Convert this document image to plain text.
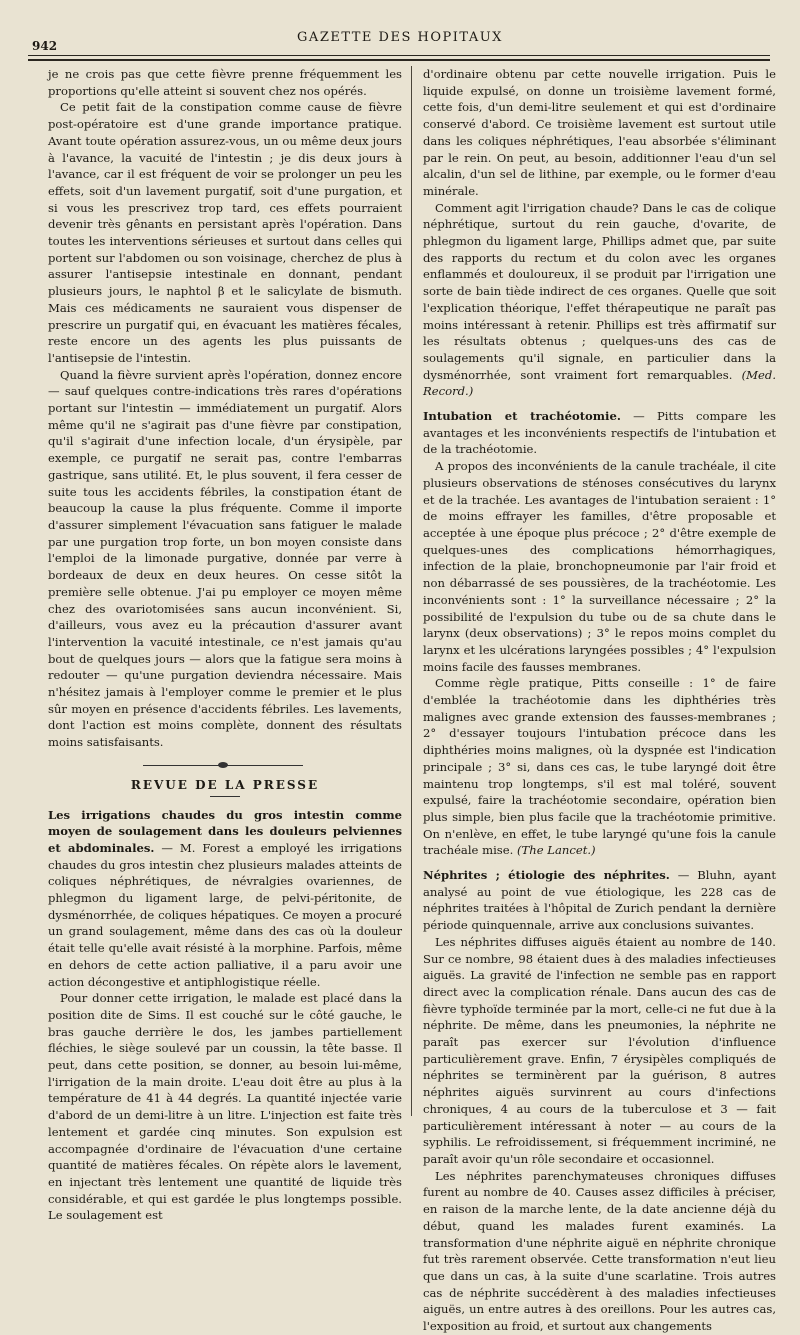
942
GAZETTE DES HOPITAUX

je ne crois pas que cette fièvre prenne fréquemment les proportions qu'elle atteint si souvent chez nos opérés.

Ce petit fait de la constipation comme cause de fièvre post-opératoire est d'une grande importance pratique. Avant toute opération assurez-vous, un ou même deux jours à l'avance, la vacuité de l'intestin ; je dis deux jours à l'avance, car il est fréquent de voir se prolonger un peu les effets, soit d'un lavement purgatif, soit d'une purgation, et si vous les prescrivez trop tard, ces effets pourraient devenir très gênants en persistant après l'opération. Dans toutes les interventions sérieuses et surtout dans celles qui portent sur l'abdomen ou son voisinage, cherchez de plus à assurer l'antisepsie intestinale en donnant, pendant plusieurs jours, le naphtol β et le salicylate de bismuth. Mais ces médicaments ne sauraient vous dispenser de prescrire un purgatif qui, en évacuant les matières fécales, reste encore un des agents les plus puissants de l'antisepsie de l'intestin.

Quand la fièvre survient après l'opération, donnez encore — sauf quelques contre-indications très rares d'opérations portant sur l'intestin — immédiatement un purgatif. Alors même qu'il ne s'agirait pas d'une fièvre par constipation, qu'il s'agirait d'une infection locale, d'un érysipèle, par exemple, ce purgatif ne serait pas, contre l'embarras gastrique, sans utilité. Et, le plus souvent, il fera cesser de suite tous les accidents fébriles, la constipation étant de beaucoup la cause la plus fréquente. Comme il importe d'assurer simplement l'évacuation sans fatiguer le malade par une purgation trop forte, un bon moyen consiste dans l'emploi de la limonade purgative, donnée par verre à bordeaux de deux en deux heures. On cesse sitôt la première selle obtenue. J'ai pu employer ce moyen même chez des ovariotomisées sans aucun inconvénient. Si, d'ailleurs, vous avez eu la précaution d'assurer avant l'intervention la vacuité intestinale, ce n'est jamais qu'au bout de quelques jours — alors que la fatigue sera moins à redouter — qu'une purgation deviendra nécessaire. Mais n'hésitez jamais à l'employer comme le premier et le plus sûr moyen en présence d'accidents fébriles. Les lavements, dont l'action est moins complète, donnent des résultats moins satisfaisants.

REVUE DE LA PRESSE

Les irrigations chaudes du gros intestin comme moyen de soulagement dans les douleurs pelviennes et abdominales. — M. Forest a employé les irrigations chaudes du gros intestin chez plusieurs malades atteints de coliques néphrétiques, de névralgies ovariennes, de phlegmon du ligament large, de pelvi-péritonite, de dysménorrhée, de coliques hépatiques. Ce moyen a procuré un grand soulagement, même dans des cas où la douleur était telle qu'elle avait résisté à la morphine. Parfois, même en dehors de cette action palliative, il a paru avoir une action décongestive et antiphlogistique réelle.

Pour donner cette irrigation, le malade est placé dans la position dite de Sims. Il est couché sur le côté gauche, le bras gauche derrière le dos, les jambes partiellement fléchies, le siège soulevé par un coussin, la tête basse. Il peut, dans cette position, se donner, au besoin lui-même, l'irrigation de la main droite. L'eau doit être au plus à la température de 41 à 44 degrés. La quantité injectée varie d'abord de un demi-litre à un litre. L'injection est faite très lentement et gardée cinq minutes. Son expulsion est accompagnée d'ordinaire de l'évacuation d'une certaine quantité de matières fécales. On répète alors le lavement, en injectant très lentement une quantité de liquide très considérable, et qui est gardée le plus longtemps possible. Le soulagement est

d'ordinaire obtenu par cette nouvelle irrigation. Puis le liquide expulsé, on donne un troisième lavement formé, cette fois, d'un demi-litre seulement et qui est d'ordinaire conservé d'abord. Ce troisième lavement est surtout utile dans les coliques néphrétiques, l'eau absorbée s'éliminant par le rein. On peut, au besoin, additionner l'eau d'un sel alcalin, d'un sel de lithine, par exemple, ou le former d'eau minérale.

Comment agit l'irrigation chaude? Dans le cas de colique néphrétique, surtout du rein gauche, d'ovarite, de phlegmon du ligament large, Phillips admet que, par suite des rapports du rectum et du colon avec les organes enflammés et douloureux, il se produit par l'irrigation une sorte de bain tiède indirect de ces organes. Quelle que soit l'explication théorique, l'effet thérapeutique ne paraît pas moins intéressant à retenir. Phillips est très affirmatif sur les résultats obtenus ; quelques-uns des cas de soulagements qu'il signale, en particulier dans la dysménorrhée, sont vraiment fort remarquables. (Med. Record.)

Intubation et trachéotomie. — Pitts compare les avantages et les inconvénients respectifs de l'intubation et de la trachéotomie.

A propos des inconvénients de la canule trachéale, il cite plusieurs observations de sténoses consécutives du larynx et de la trachée. Les avantages de l'intubation seraient : 1° de moins effrayer les familles, d'être proposable et acceptée à une époque plus précoce ; 2° d'être exemple de quelques-unes des complications hémorrhagiques, infection de la plaie, bronchopneumonie par l'air froid et non débarrassé de ses poussières, de la trachéotomie. Les inconvénients sont : 1° la surveillance nécessaire ; 2° la possibilité de l'expulsion du tube ou de sa chute dans le larynx (deux observations) ; 3° le repos moins complet du larynx et les ulcérations laryngées possibles ; 4° l'expulsion moins facile des fausses membranes.

Comme règle pratique, Pitts conseille : 1° de faire d'emblée la trachéotomie dans les diphthéries très malignes avec grande extension des fausses-membranes ; 2° d'essayer toujours l'intubation précoce dans les diphthéries moins malignes, où la dyspnée est l'indication principale ; 3° si, dans ces cas, le tube laryngé doit être maintenu trop longtemps, s'il est mal toléré, souvent expulsé, faire la trachéotomie secondaire, opération bien plus simple, bien plus facile que la trachéotomie primitive. On n'enlève, en effet, le tube laryngé qu'une fois la canule trachéale mise. (The Lancet.)

Néphrites ; étiologie des néphrites. — Bluhn, ayant analysé au point de vue étiologique, les 228 cas de néphrites traitées à l'hôpital de Zurich pendant la dernière période quinquennale, arrive aux conclusions suivantes.

Les néphrites diffuses aiguës étaient au nombre de 140. Sur ce nombre, 98 étaient dues à des maladies infectieuses aiguës. La gravité de l'infection ne semble pas en rapport direct avec la complication rénale. Dans aucun des cas de fièvre typhoïde terminée par la mort, celle-ci ne fut due à la néphrite. De même, dans les pneumonies, la néphrite ne paraît pas exercer sur l'évolution d'influence particulièrement grave. Enfin, 7 érysipèles compliqués de néphrites se terminèrent par la guérison, 8 autres néphrites aiguës survinrent au cours d'infections chroniques, 4 au cours de la tuberculose et 3 — fait particulièrement intéressant à noter — au cours de la syphilis. Le refroidissement, si fréquemment incriminé, ne paraît avoir qu'un rôle secondaire et occasionnel.

Les néphrites parenchymateuses chroniques diffuses furent au nombre de 40. Causes assez difficiles à préciser, en raison de la marche lente, de la date ancienne déjà du début, quand les malades furent examinés. La transformation d'une néphrite aiguë en néphrite chronique fut très rarement observée. Cette transformation n'eut lieu que dans un cas, à la suite d'une scarlatine. Trois autres cas de néphrite succédèrent à des maladies infectieuses aiguës, un entre autres à des oreillons. Pour les autres cas, l'exposition au froid, et surtout aux changements
